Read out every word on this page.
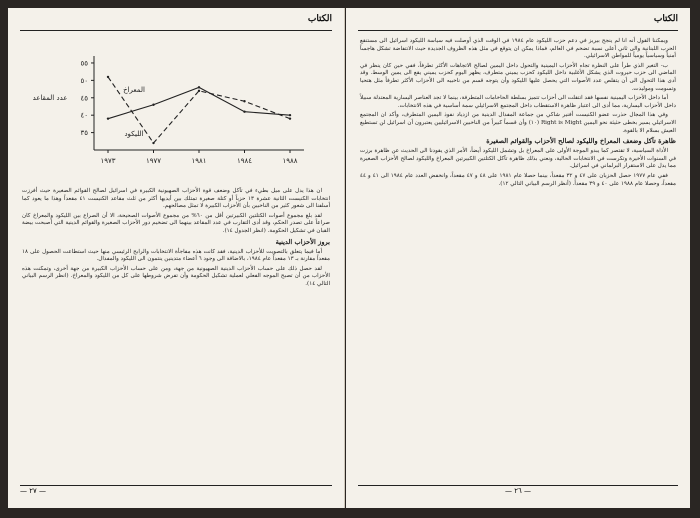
الكتاب
٣٥
٤٠
٤٥
٥٠
٥٥
١٩٧٣	١٩٧٧	١٩٨١	١٩٨٤	١٩٨٨
عدد المقاعد
المعراخ
الليكود

ان هذا يدل على ميل بطيء في تآكل وضعف قوة الأحزاب الصهيونية الكبيرة في اسرائيل لصالح القوائم الصغيرة حيث أفرزت انتخابات الكنيست الثانية عشرة ١٣ حزباً أو كتلة صغيرة تمتلك بين أيديها أكثر من ثلث مقاعد الكنيست ٤١ مقعداً وهذا ما يعود كما أسلفنا الى شعور كثير من الناخبين بأن الأحزاب الكبيرة لا تمثل مصالحهم.

لقد بلغ مجموع أصوات الكتلتين الكبيرتين أقل من ٦٠% من مجموع الأصوات الصحيحة، الا أن الصراع بين الليكود والمعراخ كان صراعاً على تصدر الحكم، وقد أدى التقارب في عدد المقاعد بينهما الى تضخيم دور الأحزاب الصغيرة والقوائم الدينية التي أصبحت بيضة القبان في تشكيل الحكومة. (انظر الجدول ١٤).

بروز الأحزاب الدينية

أما فيما يتعلق بالتصويت للأحزاب الدينية، فقد كانت هذه مفاجأة الانتخابات والرابح الرئيسي منها حيث استطاعت الحصول على ١٨ مقعداً مقارنة بـ ١٣ مقعداً عام ١٩٨٤، بالاضافة الى وجود ٦ أعضاء متدينين ينتمون الى الليكود والمفدال.

لقد حصل ذلك على حساب الأحزاب الدينية الصهيونية من جهة، ومن على حساب الأحزاب الكبيرة من جهة أخرى، وتمكنت هذه الأحزاب من أن تصبح الموجه الفعلي لعملية تشكيل الحكومة وأن تفرض شروطها على كل من الليكود والمعراخ. (انظر الرسم البياني التالي ١٤).

— ٢٧ —
الكتاب

ويمكننا القول أنه انا لم ينجح بيريز في دعم حزب الليكود عام ١٩٨٤ في الوقت الذي أوصلت فيه سياسة الليكود اسرائيل الى مستنقع الحرب اللبنانية والى ثاني أعلى نسبة تضخم في العالم، فماذا يمكن ان يتوقع في مثل هذه الظروف الجديدة حيث الانتفاضة تشكل هاجساً أمنياً وسياسياً يومياً للمواطن الاسرائيلي.

ب- التغير الذي طرأ على النظرة تجاه الأحزاب اليمينية والتحول داخل اليمين لصالح الاتجاهات الأكثر تطرفاً، ففي حين كان ينظر في الماضي الى حزب حيروت الذي يشكل الأغلبية داخل الليكود كحزب يميني متطرف، يظهر اليوم كحزب يميني يقع الى يمين الوسط. وقد أدى هذا التحول الى أن يتقلص عدد الأصوات التي يحصل عليها الليكود وأن يتوجه قسم من ناخبيه الى الأحزاب الأكثر تطرفاً مثل هتحيا وتسومت وموليدت.

أما داخل الأحزاب اليمينية نفسها فقد انتقلت الى أحزاب تتميز بسلطة الحاخامات المتطرفة، بينما لا تجد العناصر اليسارية المعتدلة سبيلاً داخل الأحزاب اليسارية، مما أدى الى اعتبار ظاهرة الاستقطاب داخل المجتمع الاسرائيلي سمة أساسية في هذه الانتخابات.

وفي هذا المجال حذرت عضو الكنيست أفنير شاكي من جماعة المفدال الدينية من ازدياد نفوذ اليمين المتطرف، وأكد ان المجتمع الاسرائيلي يسير بخطى حثيثة نحو اليمين Right is Might (١٠) وأن قسماً كبيراً من الناخبين الاسرائيليين يعتبرون أن اسرائيل لن تستطيع العيش بسلام الا بالقوة.

ظاهرة تآكل وضعف المعراخ والليكود لصالح الأحزاب والقوائم الصغيرة

الأداة السياسية، لا تقتصر كما يبدو الموجة الأولى على المعراخ بل وتشمل الليكود أيضاً، الأمر الذي يقودنا الى الحديث عن ظاهرة برزت في السنوات الأخيرة وتكرست في الانتخابات الحالية، ونعني بذلك ظاهرة تآكل الكتلتين الكبيرتين المعراخ والليكود لصالح الأحزاب الصغيرة مما يدل على الاستقرار البرلماني في اسرائيل.

ففي عام ١٩٧٧ حصل الحزبان على ٤٧ و ٣٢ مقعداً، بينما حصلا عام ١٩٨١ على ٤٨ و ٤٧ مقعداً، وانخفض العدد عام ١٩٨٤ الى ٤١ و ٤٤ مقعداً، وحصلا عام ١٩٨٨ على ٤٠ و ٣٩ مقعداً. (أنظر الرسم البياني التالي ١٢).

— ٢٦ —
